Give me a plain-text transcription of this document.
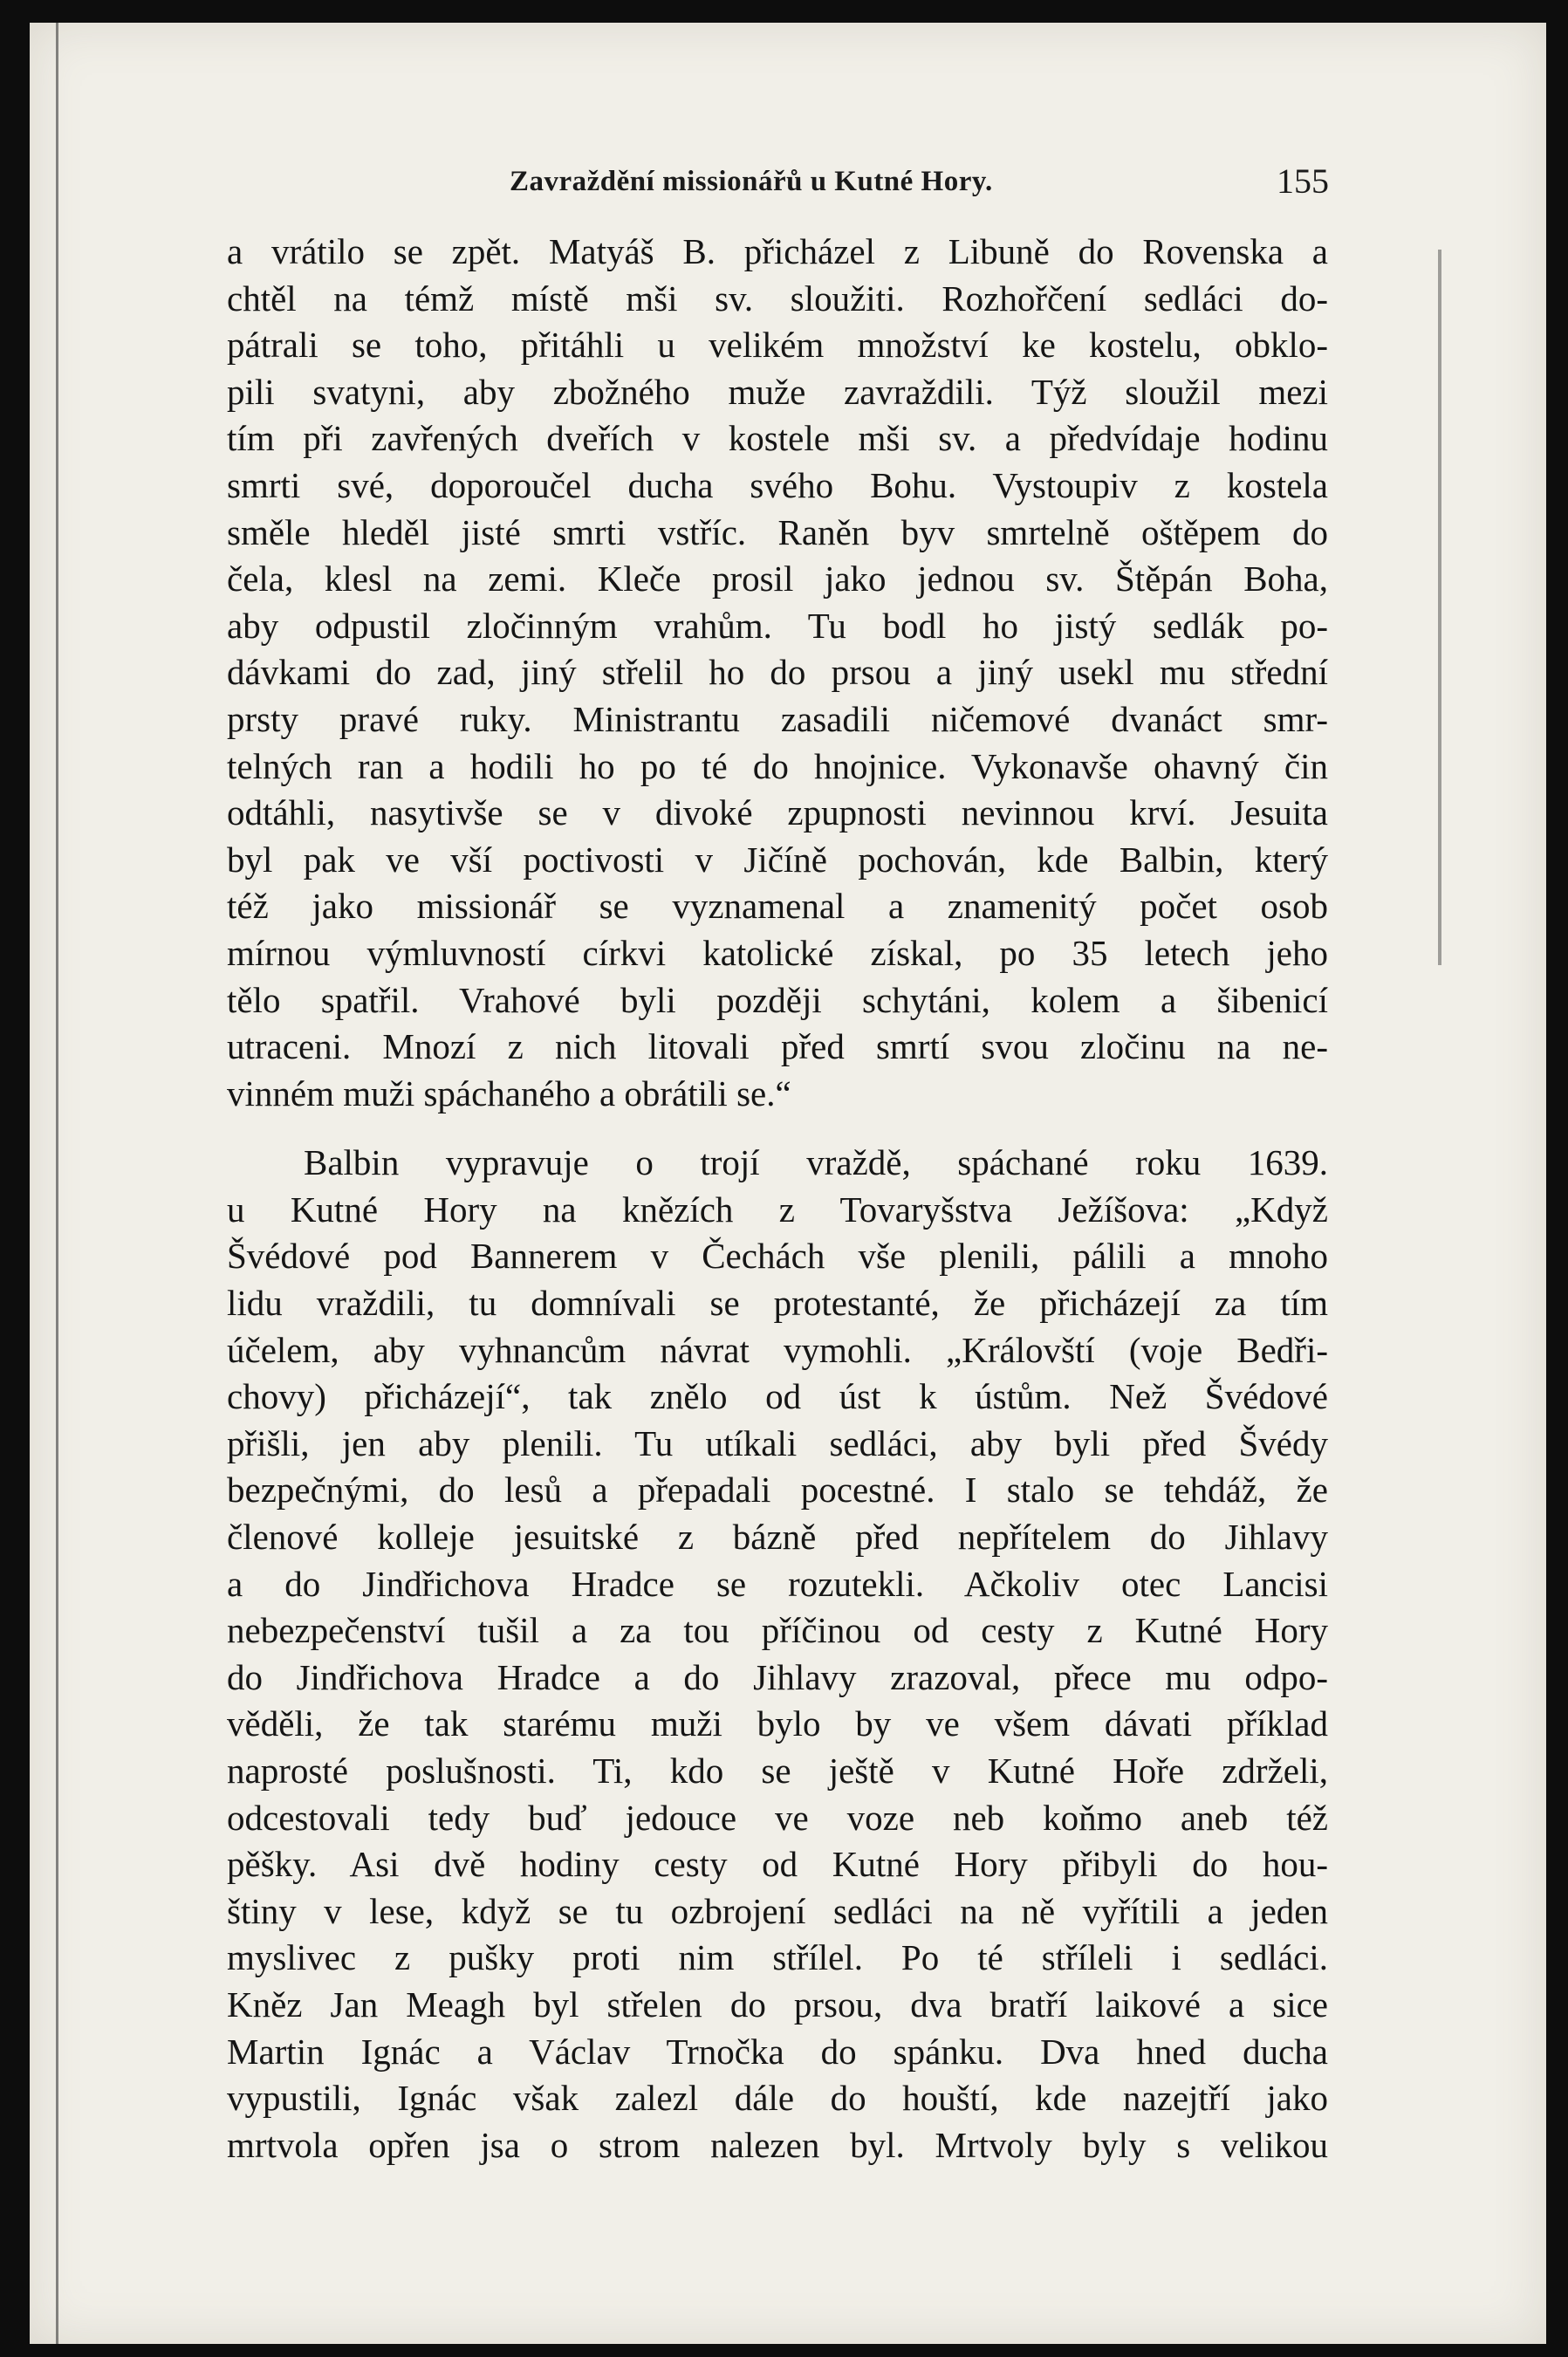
Zavraždění missionářů u Kutné Hory.	155
a vrátilo se zpět. Matyáš B. přicházel z Libuně do Rovenska a
chtěl na témž místě mši sv. sloužiti. Rozhořčení sedláci do-
pátrali se toho, přitáhli u velikém množství ke kostelu, obklo-
pili svatyni, aby zbožného muže zavraždili. Týž sloužil mezi
tím při zavřených dveřích v kostele mši sv. a předvídaje hodinu
smrti své, doporoučel ducha svého Bohu. Vystoupiv z kostela
směle hleděl jisté smrti vstříc. Raněn byv smrtelně oštěpem do
čela, klesl na zemi. Kleče prosil jako jednou sv. Štěpán Boha,
aby odpustil zločinným vrahům. Tu bodl ho jistý sedlák po-
dávkami do zad, jiný střelil ho do prsou a jiný usekl mu střední
prsty pravé ruky. Ministrantu zasadili ničemové dvanáct smr-
telných ran a hodili ho po té do hnojnice. Vykonavše ohavný čin
odtáhli, nasytivše se v divoké zpupnosti nevinnou krví. Jesuita
byl pak ve vší poctivosti v Jičíně pochován, kde Balbin, který
též jako missionář se vyznamenal a znamenitý počet osob
mírnou výmluvností církvi katolické získal, po 35 letech jeho
tělo spatřil. Vrahové byli později schytáni, kolem a šibenicí
utraceni. Mnozí z nich litovali před smrtí svou zločinu na ne-
vinném muži spáchaného a obrátili se.“
Balbin vypravuje o trojí vraždě, spáchané roku 1639.
u Kutné Hory na knězích z Tovaryšstva Ježíšova: „Když
Švédové pod Bannerem v Čechách vše plenili, pálili a mnoho
lidu vraždili, tu domnívali se protestanté, že přicházejí za tím
účelem, aby vyhnancům návrat vymohli. „Královští (voje Bedři-
chovy) přicházejí“, tak znělo od úst k ústům. Než Švédové
přišli, jen aby plenili. Tu utíkali sedláci, aby byli před Švédy
bezpečnými, do lesů a přepadali pocestné. I stalo se tehdáž, že
členové kolleje jesuitské z bázně před nepřítelem do Jihlavy
a do Jindřichova Hradce se rozutekli. Ačkoliv otec Lancisi
nebezpečenství tušil a za tou příčinou od cesty z Kutné Hory
do Jindřichova Hradce a do Jihlavy zrazoval, přece mu odpo-
věděli, že tak starému muži bylo by ve všem dávati příklad
naprosté poslušnosti. Ti, kdo se ještě v Kutné Hoře zdrželi,
odcestovali tedy buď jedouce ve voze neb koňmo aneb též
pěšky. Asi dvě hodiny cesty od Kutné Hory přibyli do hou-
štiny v lese, když se tu ozbrojení sedláci na ně vyřítili a jeden
myslivec z pušky proti nim střílel. Po té stříleli i sedláci.
Kněz Jan Meagh byl střelen do prsou, dva bratří laikové a sice
Martin Ignác a Václav Trnočka do spánku. Dva hned ducha
vypustili, Ignác však zalezl dále do houští, kde nazejtří jako
mrtvola opřen jsa o strom nalezen byl. Mrtvoly byly s velikou
